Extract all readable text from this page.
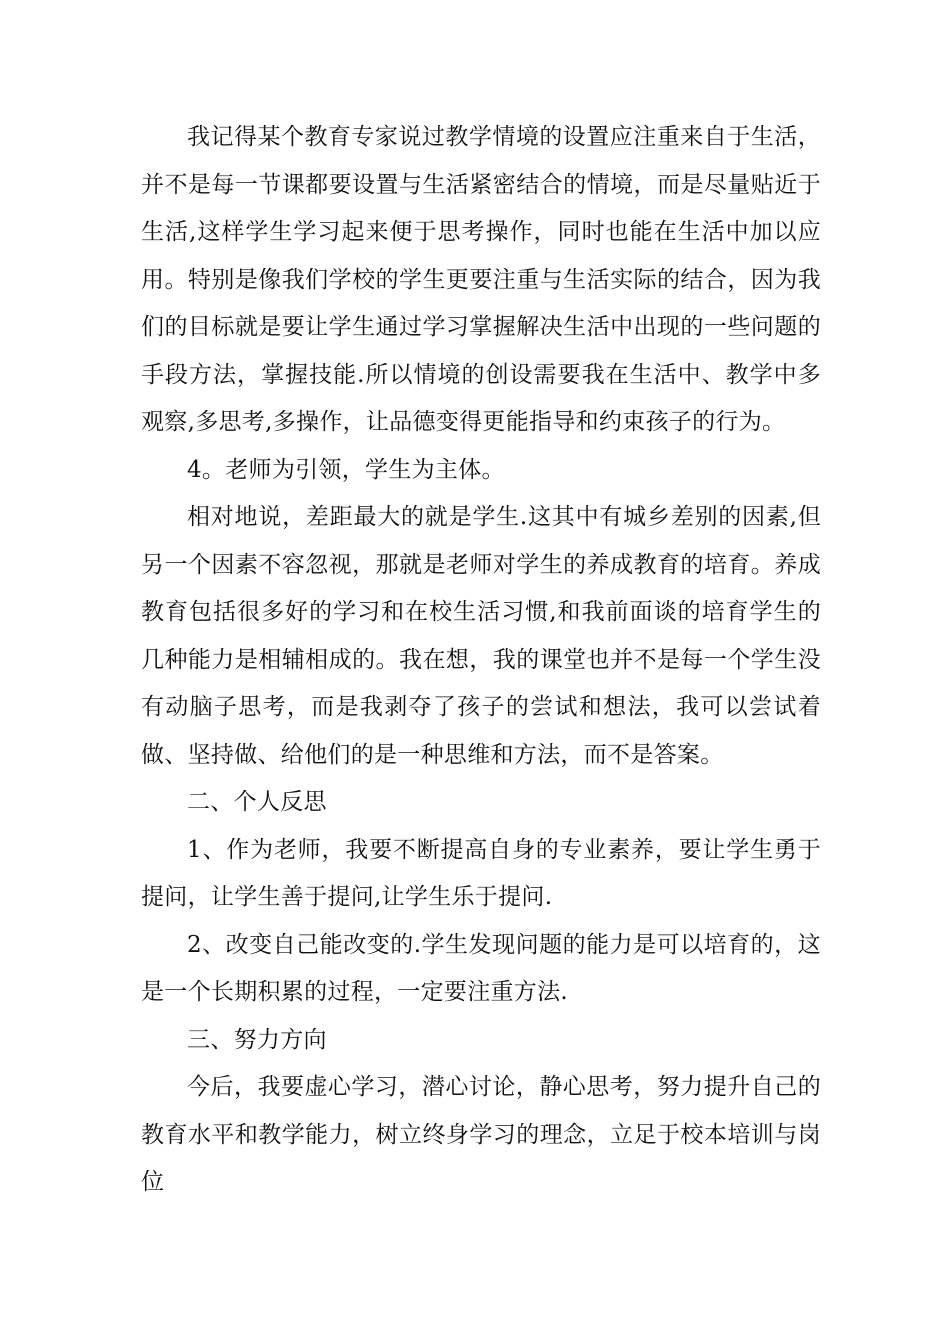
我记得某个教育专家说过教学情境的设置应注重来自于生活，并不是每一节课都要设置与生活紧密结合的情境，而是尽量贴近于生活,这样学生学习起来便于思考操作，同时也能在生活中加以应用。特别是像我们学校的学生更要注重与生活实际的结合，因为我们的目标就是要让学生通过学习掌握解决生活中出现的一些问题的手段方法，掌握技能.所以情境的创设需要我在生活中、教学中多观察,多思考,多操作，让品德变得更能指导和约束孩子的行为。

4。老师为引领，学生为主体。

相对地说，差距最大的就是学生.这其中有城乡差别的因素,但另一个因素不容忽视，那就是老师对学生的养成教育的培育。养成教育包括很多好的学习和在校生活习惯,和我前面谈的培育学生的几种能力是相辅相成的。我在想，我的课堂也并不是每一个学生没有动脑子思考，而是我剥夺了孩子的尝试和想法，我可以尝试着做、坚持做、给他们的是一种思维和方法，而不是答案。

二、个人反思

1、作为老师，我要不断提高自身的专业素养，要让学生勇于提问，让学生善于提问,让学生乐于提问.

2、改变自己能改变的.学生发现问题的能力是可以培育的，这是一个长期积累的过程，一定要注重方法.

三、努力方向

今后，我要虚心学习，潜心讨论，静心思考，努力提升自己的教育水平和教学能力，树立终身学习的理念，立足于校本培训与岗位
